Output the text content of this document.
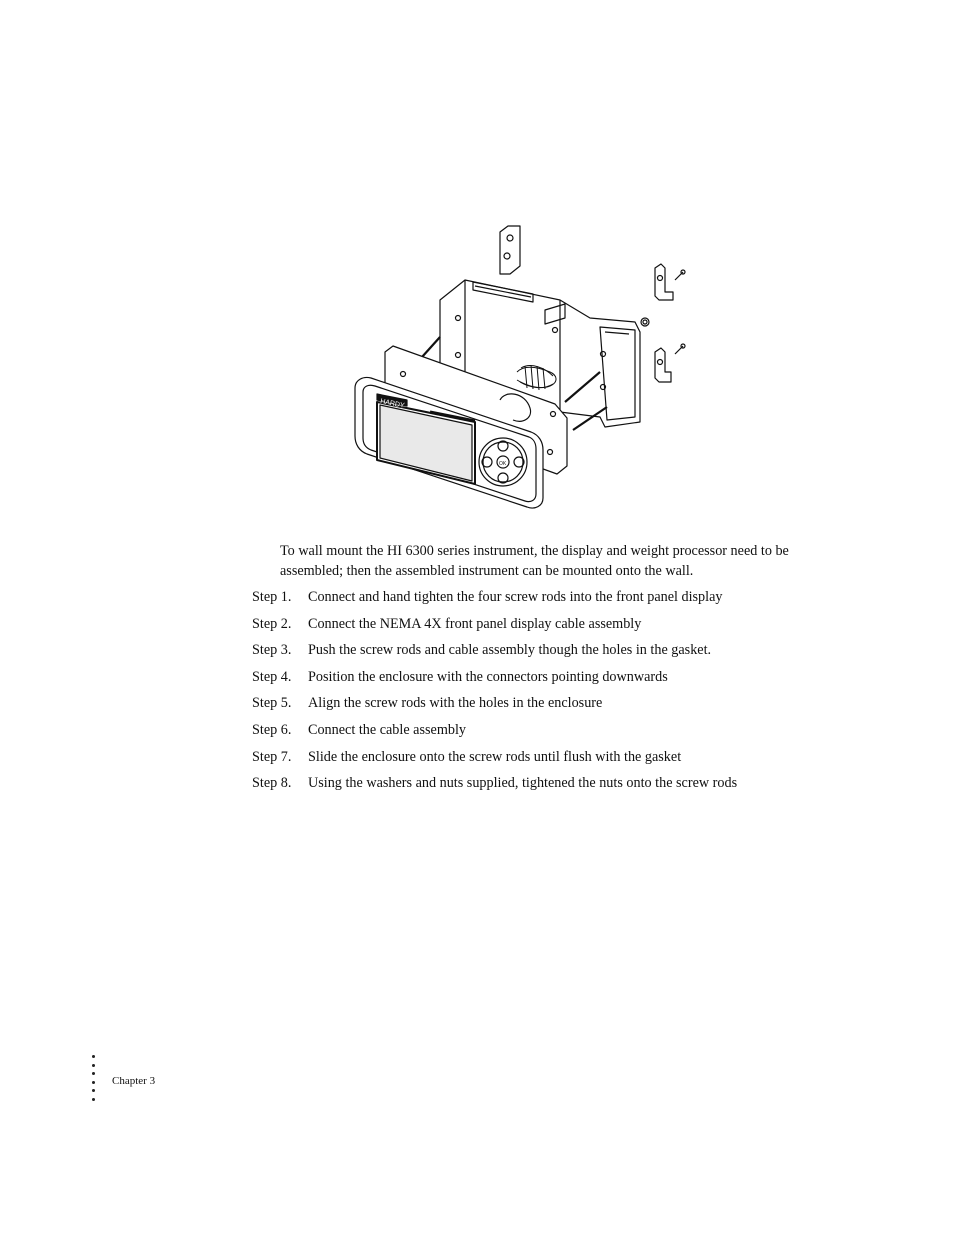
HARDY
OK

To wall mount the HI 6300 series instrument, the display and weight processor need to be assembled; then the assembled instrument can be mounted onto the wall.

Step 1.	Connect and hand tighten the four screw rods into the front panel display
Step 2.	Connect the NEMA 4X front panel display cable assembly
Step 3.	Push the screw rods and cable assembly though the holes in the gasket.
Step 4.	Position the enclosure with the connectors pointing downwards
Step 5.	Align the screw rods with the holes in the enclosure
Step 6.	Connect the cable assembly
Step 7.	Slide the enclosure onto the screw rods until flush with the gasket
Step 8.	Using the washers and nuts supplied, tightened the nuts onto the screw rods
Chapter 3
